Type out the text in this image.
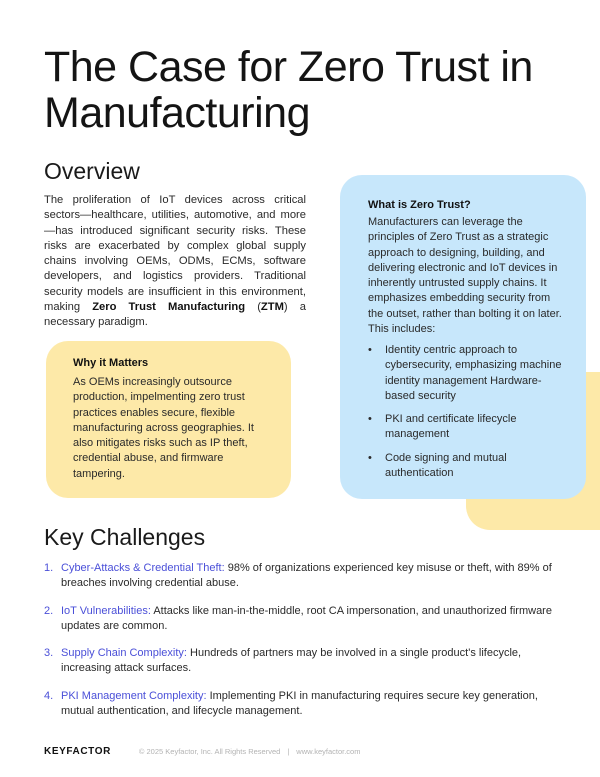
The Case for Zero Trust in Manufacturing
Overview

The proliferation of IoT devices across critical sectors—healthcare, utilities, automotive, and more—has introduced significant security risks. These risks are exacerbated by complex global supply chains involving OEMs, ODMs, ECMs, software developers, and logistics providers. Traditional security models are insufficient in this environment, making Zero Trust Manufacturing (ZTM) a necessary paradigm.

What is Zero Trust?

Manufacturers can leverage the principles of Zero Trust as a strategic approach to designing, building, and delivering electronic and IoT devices in inherently untrusted supply chains. It emphasizes embedding security from the outset, rather than bolting it on later. This includes:

• Identity centric approach to cybersecurity, emphasizing machine identity management Hardware-based security
• PKI and certificate lifecycle management
• Code signing and mutual authentication
Why it Matters

As OEMs increasingly outsource production, impelmenting zero trust practices enables secure, flexible manufacturing across geographies. It also mitigates risks such as IP theft, credential abuse, and firmware tampering.

Key Challenges
1. Cyber-Attacks & Credential Theft: 98% of organizations experienced key misuse or theft, with 89% of breaches involving credential abuse.
2. IoT Vulnerabilities: Attacks like man-in-the-middle, root CA impersonation, and unauthorized firmware updates are common.
3. Supply Chain Complexity: Hundreds of partners may be involved in a single product's lifecycle, increasing attack surfaces.
4. PKI Management Complexity: Implementing PKI in manufacturing requires secure key generation, mutual authentication, and lifecycle management.
KEYFACTOR	© 2025 Keyfactor, Inc. All Rights Reserved | www.keyfactor.com
